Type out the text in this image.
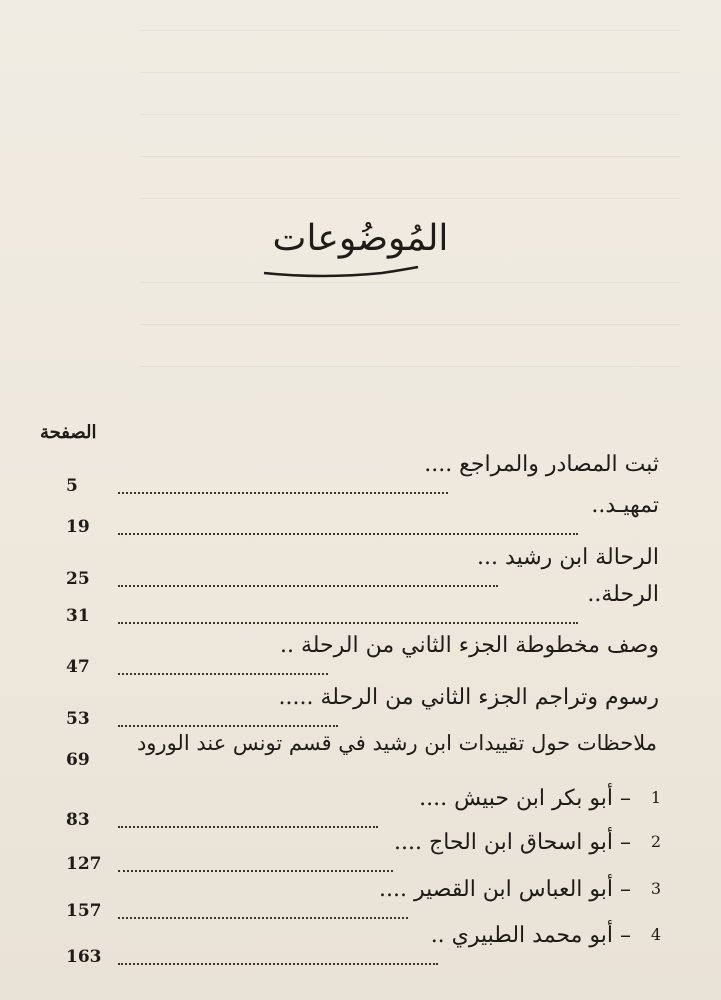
المُوضُوعات
الصفحة
ثبت المصادر والمراجع ....
5
تمهيـد..
19
الرحالة ابن رشيد ...
25
الرحلة..
31
وصف مخطوطة الجزء الثاني من الرحلة ..
47
رسوم وتراجم الجزء الثاني من الرحلة .....
53
ملاحظات حول تقييدات ابن رشيد في قسم تونس عند الورود
69
1
– أبو بكر ابن حبيش ....
83
2
– أبو اسحاق ابن الحاج ....
127
3
– أبو العباس ابن القصير ....
157
4
– أبو محمد الطبيري ..
163
